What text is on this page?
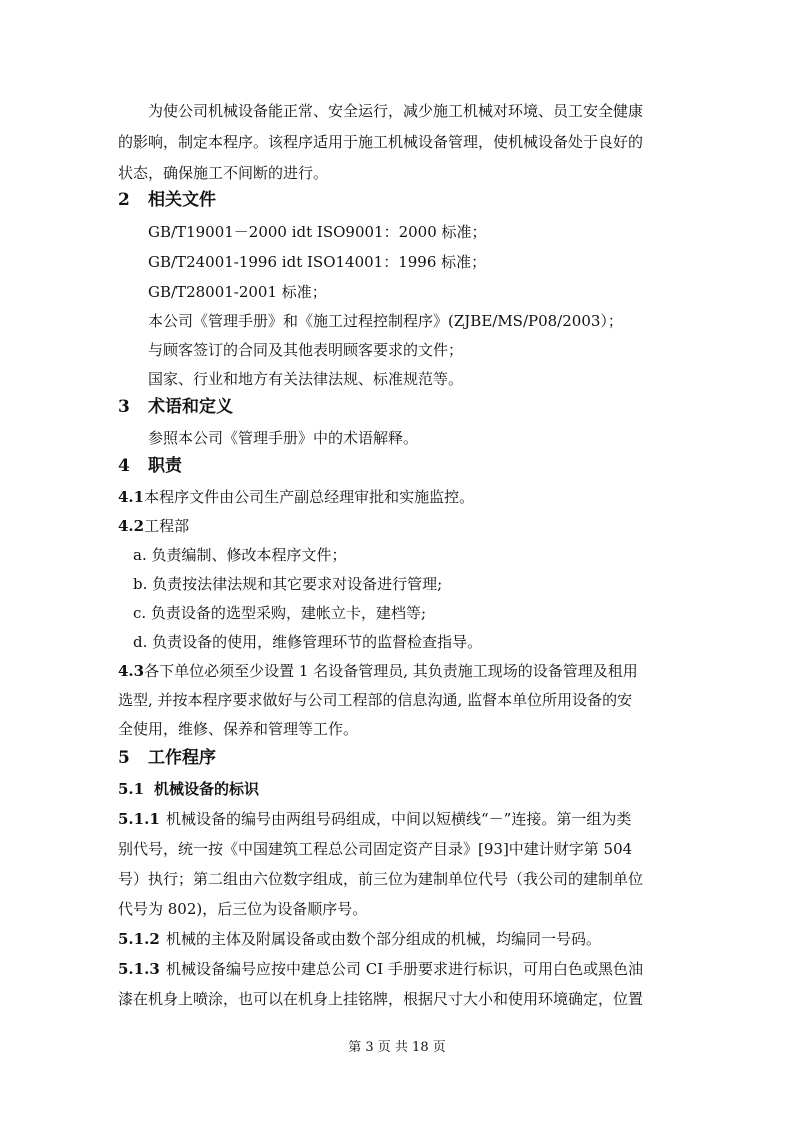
为使公司机械设备能正常、安全运行，减少施工机械对环境、员工安全健康
的影响，制定本程序。该程序适用于施工机械设备管理，使机械设备处于良好的
状态，确保施工不间断的进行。
2 相关文件
GB/T19001－2000 idt ISO9001：2000 标准；
GB/T24001-1996 idt ISO14001：1996 标准；
GB/T28001-2001 标准；
本公司《管理手册》和《施工过程控制程序》(ZJBE/MS/P08/2003）；
与顾客签订的合同及其他表明顾客要求的文件；
国家、行业和地方有关法律法规、标准规范等。
3 术语和定义
参照本公司《管理手册》中的术语解释。
4 职责
4.1本程序文件由公司生产副总经理审批和实施监控。
4.2工程部
a. 负责编制、修改本程序文件；
b. 负责按法律法规和其它要求对设备进行管理;
c. 负责设备的选型采购，建帐立卡，建档等;
d. 负责设备的使用，维修管理环节的监督检查指导。
4.3各下单位必须至少设置 1 名设备管理员, 其负责施工现场的设备管理及租用
选型, 并按本程序要求做好与公司工程部的信息沟通, 监督本单位所用设备的安
全使用，维修、保养和管理等工作。
5 工作程序
5.1 机械设备的标识
5.1.1 机械设备的编号由两组号码组成，中间以短横线“－”连接。第一组为类
别代号，统一按《中国建筑工程总公司固定资产目录》[93]中建计财字第 504
号）执行；第二组由六位数字组成，前三位为建制单位代号（我公司的建制单位
代号为 802)，后三位为设备顺序号。
5.1.2 机械的主体及附属设备或由数个部分组成的机械，均编同一号码。
5.1.3 机械设备编号应按中建总公司 CI 手册要求进行标识，可用白色或黑色油
漆在机身上喷涂，也可以在机身上挂铭牌，根据尺寸大小和使用环境确定，位置
第 3 页 共 18 页
